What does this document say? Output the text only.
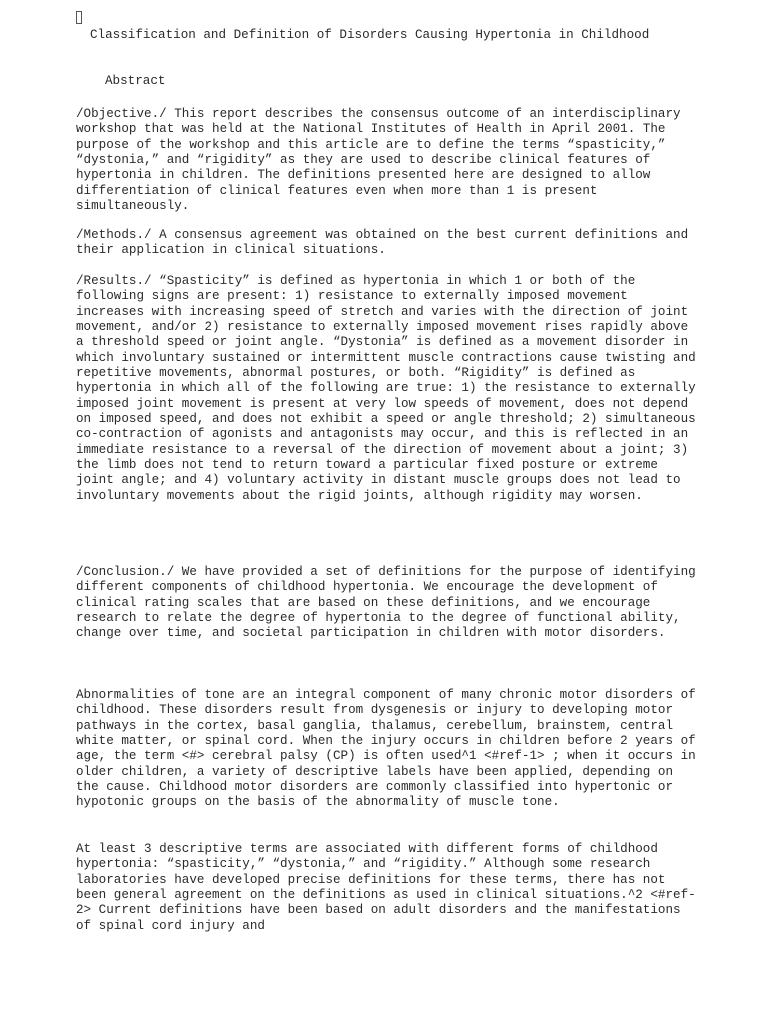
Classification and Definition of Disorders Causing Hypertonia in Childhood
Abstract

/Objective./ This report describes the consensus outcome of an interdisciplinary workshop that was held at the National Institutes of Health in April 2001. The purpose of the workshop and this article are to define the terms “spasticity,” “dystonia,” and “rigidity” as they are used to describe clinical features of hypertonia in children. The definitions presented here are designed to allow differentiation of clinical features even when more than 1 is present simultaneously.

/Methods./ A consensus agreement was obtained on the best current definitions and their application in clinical situations.

/Results./ “Spasticity” is defined as hypertonia in which 1 or both of the following signs are present: 1) resistance to externally imposed movement increases with increasing speed of stretch and varies with the direction of joint movement, and/or 2) resistance to externally imposed movement rises rapidly above a threshold speed or joint angle. “Dystonia” is defined as a movement disorder in which involuntary sustained or intermittent muscle contractions cause twisting and repetitive movements, abnormal postures, or both. “Rigidity” is defined as hypertonia in which all of the following are true: 1) the resistance to externally imposed joint movement is present at very low speeds of movement, does not depend on imposed speed, and does not exhibit a speed or angle threshold; 2) simultaneous co-contraction of agonists and antagonists may occur, and this is reflected in an immediate resistance to a reversal of the direction of movement about a joint; 3) the limb does not tend to return toward a particular fixed posture or extreme joint angle; and 4) voluntary activity in distant muscle groups does not lead to involuntary movements about the rigid joints, although rigidity may worsen.

/Conclusion./ We have provided a set of definitions for the purpose of identifying different components of childhood hypertonia. We encourage the development of clinical rating scales that are based on these definitions, and we encourage research to relate the degree of hypertonia to the degree of functional ability, change over time, and societal participation in children with motor disorders.

Abnormalities of tone are an integral component of many chronic motor disorders of childhood. These disorders result from dysgenesis or injury to developing motor pathways in the cortex, basal ganglia, thalamus, cerebellum, brainstem, central white matter, or spinal cord. When the injury occurs in children before 2 years of age, the term <#> cerebral palsy (CP) is often used^1 <#ref-1> ; when it occurs in older children, a variety of descriptive labels have been applied, depending on the cause. Childhood motor disorders are commonly classified into hypertonic or hypotonic groups on the basis of the abnormality of muscle tone.

At least 3 descriptive terms are associated with different forms of childhood hypertonia: “spasticity,” “dystonia,” and “rigidity.” Although some research laboratories have developed precise definitions for these terms, there has not been general agreement on the definitions as used in clinical situations.^2 <#ref-2> Current definitions have been based on adult disorders and the manifestations of spinal cord injury and
